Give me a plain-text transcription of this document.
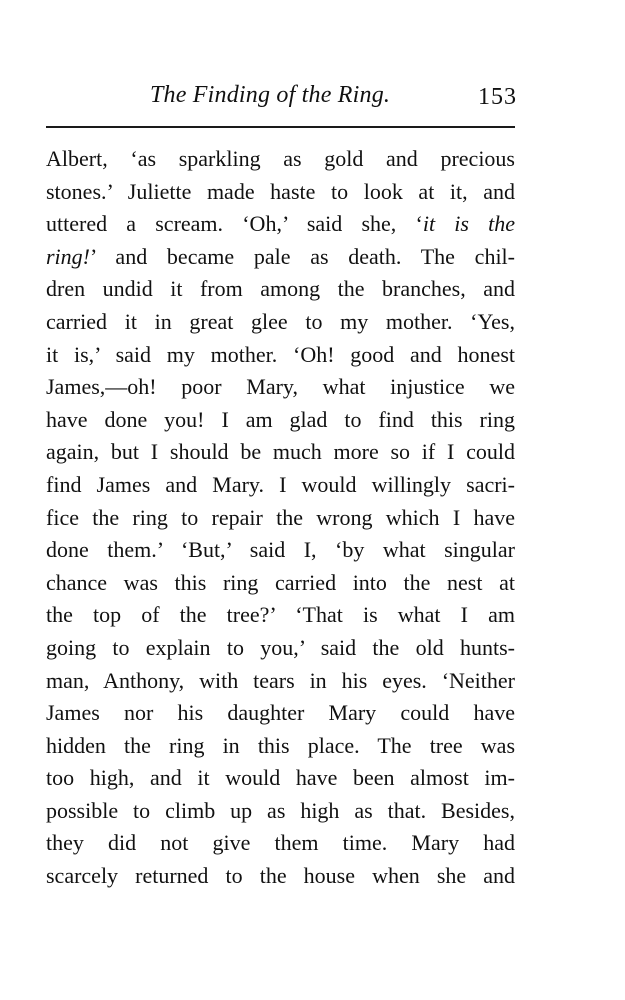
The Finding of the Ring.	153
Albert, ‘as sparkling as gold and precious
stones.’ Juliette made haste to look at it, and
uttered a scream. ‘Oh,’ said she, ‘it is the
ring!’ and became pale as death. The chil-
dren undid it from among the branches, and
carried it in great glee to my mother. ‘Yes,
it is,’ said my mother. ‘Oh! good and honest
James,—oh! poor Mary, what injustice we
have done you! I am glad to find this ring
again, but I should be much more so if I could
find James and Mary. I would willingly sacri-
fice the ring to repair the wrong which I have
done them.’ ‘But,’ said I, ‘by what singular
chance was this ring carried into the nest at
the top of the tree?’ ‘That is what I am
going to explain to you,’ said the old hunts-
man, Anthony, with tears in his eyes. ‘Neither
James nor his daughter Mary could have
hidden the ring in this place. The tree was
too high, and it would have been almost im-
possible to climb up as high as that. Besides,
they did not give them time. Mary had
scarcely returned to the house when she and
